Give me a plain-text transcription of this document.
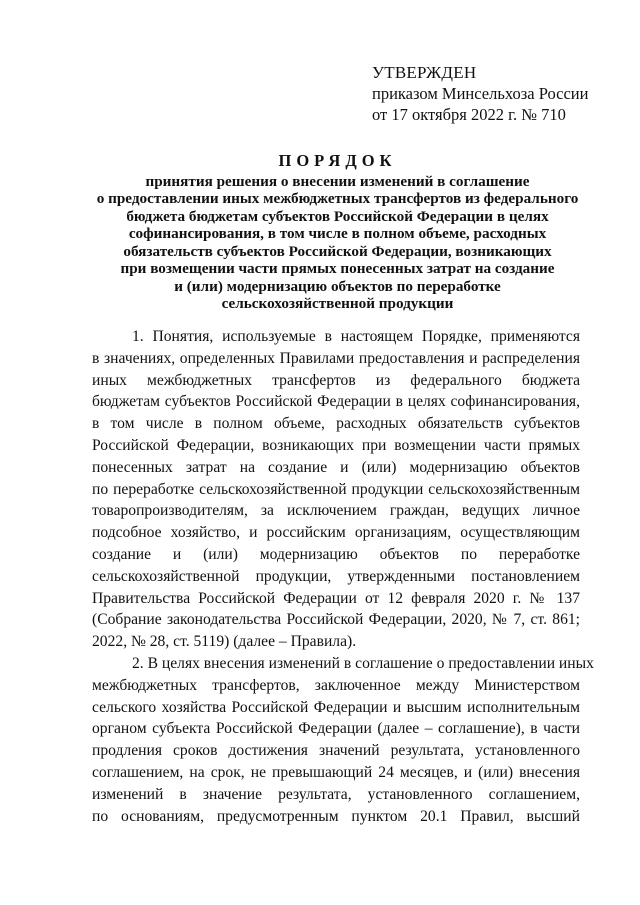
УТВЕРЖДЕН
приказом Минсельхоза России
от 17 октября 2022 г. № 710
ПОРЯДОК
принятия решения о внесении изменений в соглашение
о предоставлении иных межбюджетных трансфертов из федерального
бюджета бюджетам субъектов Российской Федерации в целях
софинансирования, в том числе в полном объеме, расходных
обязательств субъектов Российской Федерации, возникающих
при возмещении части прямых понесенных затрат на создание
и (или) модернизацию объектов по переработке
сельскохозяйственной продукции
1. Понятия, используемые в настоящем Порядке, применяются
в значениях, определенных Правилами предоставления и распределения
иных межбюджетных трансфертов из федерального бюджета
бюджетам субъектов Российской Федерации в целях софинансирования,
в том числе в полном объеме, расходных обязательств субъектов
Российской Федерации, возникающих при возмещении части прямых
понесенных затрат на создание и (или) модернизацию объектов
по переработке сельскохозяйственной продукции сельскохозяйственным
товаропроизводителям, за исключением граждан, ведущих личное
подсобное хозяйство, и российским организациям, осуществляющим
создание и (или) модернизацию объектов по переработке
сельскохозяйственной продукции, утвержденными постановлением
Правительства Российской Федерации от 12 февраля 2020 г. № 137
(Собрание законодательства Российской Федерации, 2020, № 7, ст. 861;
2022, № 28, ст. 5119) (далее – Правила).
2. В целях внесения изменений в соглашение о предоставлении иных
межбюджетных трансфертов, заключенное между Министерством
сельского хозяйства Российской Федерации и высшим исполнительным
органом субъекта Российской Федерации (далее – соглашение), в части
продления сроков достижения значений результата, установленного
соглашением, на срок, не превышающий 24 месяцев, и (или) внесения
изменений в значение результата, установленного соглашением,
по основаниям, предусмотренным пунктом 20.1 Правил, высший
